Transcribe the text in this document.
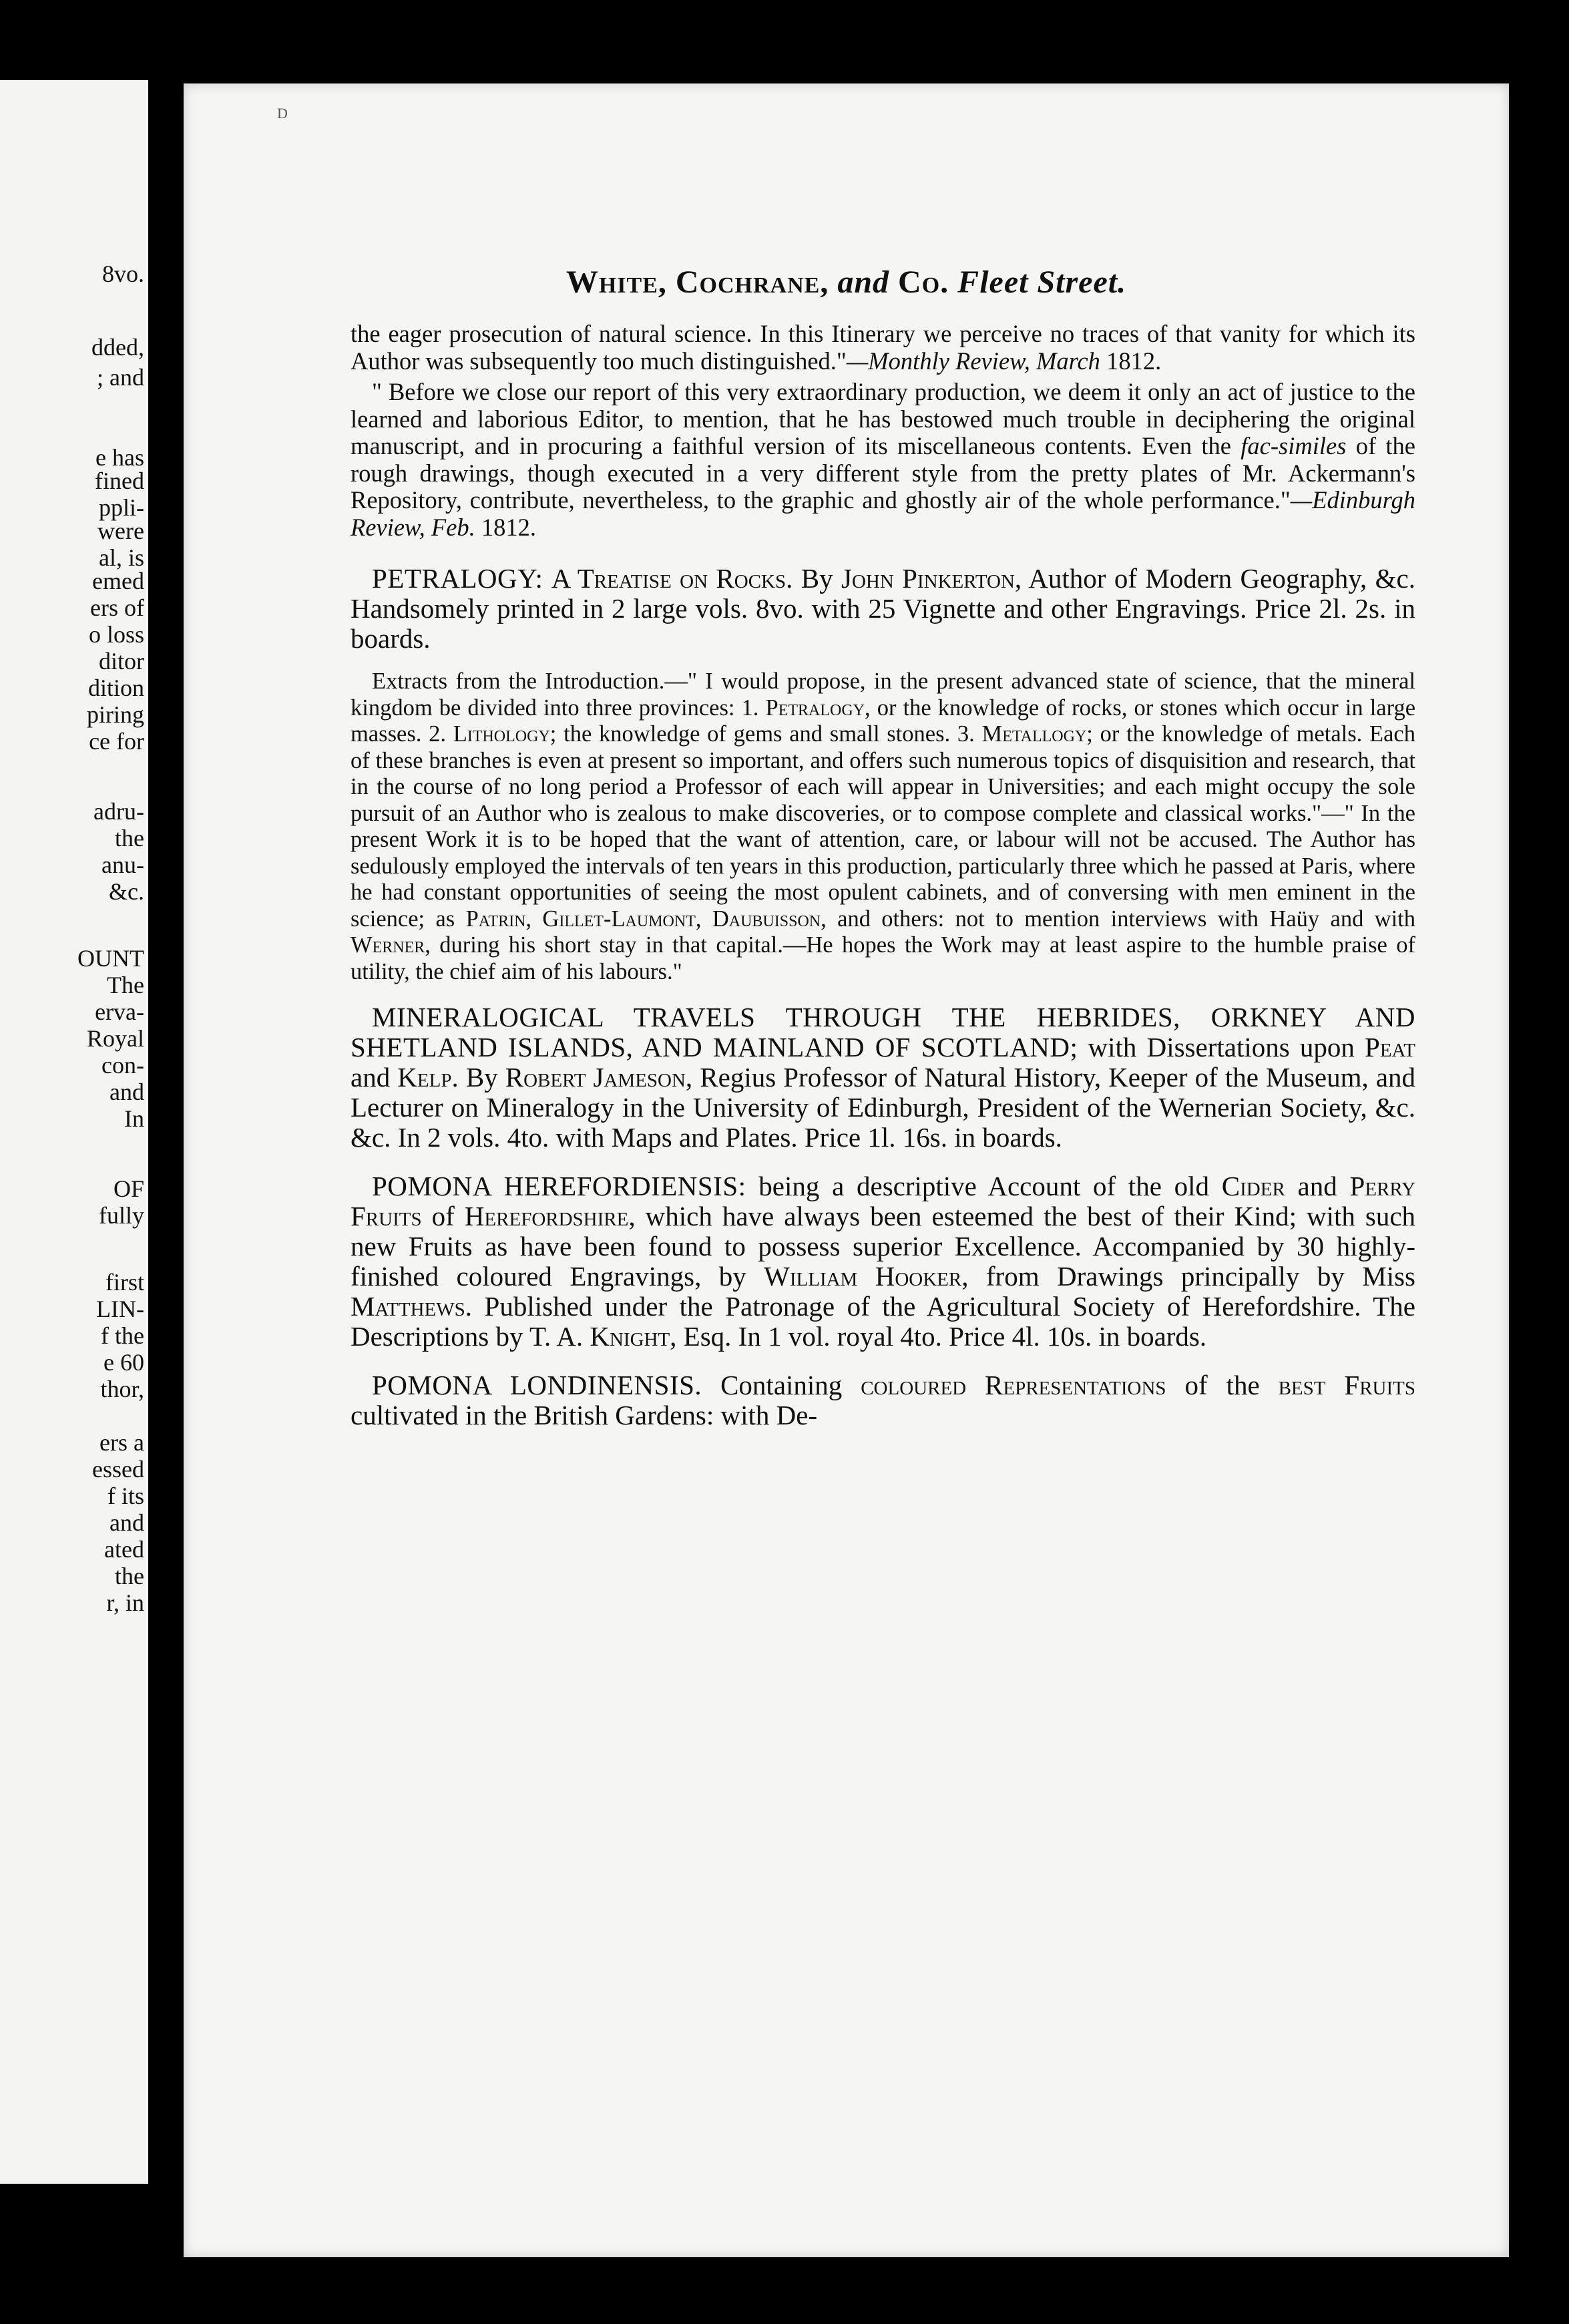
8vo.
dded,
; and
e has
fined
ppli-
were
al, is
emed
ers of
o loss
ditor
dition
piring
ce for
adru-
the
anu-
&c.
OUNT
The
erva-
Royal
con-
and
In
OF
fully
first
LIN-
f the
e 60
thor,
ers a
essed
f its
and
ated
the
r, in
D
White, Cochrane, and Co. Fleet Street.

the eager prosecution of natural science. In this Itinerary we perceive no traces of that vanity for which its Author was subsequently too much distinguished."—Monthly Review, March 1812.

" Before we close our report of this very extraordinary production, we deem it only an act of justice to the learned and laborious Editor, to mention, that he has bestowed much trouble in deciphering the original manuscript, and in procuring a faithful version of its miscellaneous contents. Even the fac-similes of the rough drawings, though executed in a very different style from the pretty plates of Mr. Ackermann's Repository, contribute, nevertheless, to the graphic and ghostly air of the whole performance."—Edinburgh Review, Feb. 1812.

PETRALOGY: A Treatise on Rocks. By John Pinkerton, Author of Modern Geography, &c. Handsomely printed in 2 large vols. 8vo. with 25 Vignette and other Engravings. Price 2l. 2s. in boards.

Extracts from the Introduction.—" I would propose, in the present advanced state of science, that the mineral kingdom be divided into three provinces: 1. Petralogy, or the knowledge of rocks, or stones which occur in large masses. 2. Lithology; the knowledge of gems and small stones. 3. Metallogy; or the knowledge of metals. Each of these branches is even at present so important, and offers such numerous topics of disquisition and research, that in the course of no long period a Professor of each will appear in Universities; and each might occupy the sole pursuit of an Author who is zealous to make discoveries, or to compose complete and classical works."—" In the present Work it is to be hoped that the want of attention, care, or labour will not be accused. The Author has sedulously employed the intervals of ten years in this production, particularly three which he passed at Paris, where he had constant opportunities of seeing the most opulent cabinets, and of conversing with men eminent in the science; as Patrin, Gillet-Laumont, Daubuisson, and others: not to mention interviews with Haüy and with Werner, during his short stay in that capital.—He hopes the Work may at least aspire to the humble praise of utility, the chief aim of his labours."

MINERALOGICAL TRAVELS THROUGH THE HEBRIDES, ORKNEY AND SHETLAND ISLANDS, AND MAINLAND OF SCOTLAND; with Dissertations upon Peat and Kelp. By Robert Jameson, Regius Professor of Natural History, Keeper of the Museum, and Lecturer on Mineralogy in the University of Edinburgh, President of the Wernerian Society, &c. &c. In 2 vols. 4to. with Maps and Plates. Price 1l. 16s. in boards.

POMONA HEREFORDIENSIS: being a descriptive Account of the old Cider and Perry Fruits of Herefordshire, which have always been esteemed the best of their Kind; with such new Fruits as have been found to possess superior Excellence. Accompanied by 30 highly-finished coloured Engravings, by William Hooker, from Drawings principally by Miss Matthews. Published under the Patronage of the Agricultural Society of Herefordshire. The Descriptions by T. A. Knight, Esq. In 1 vol. royal 4to. Price 4l. 10s. in boards.

POMONA LONDINENSIS. Containing coloured Representations of the best Fruits cultivated in the British Gardens: with De-
